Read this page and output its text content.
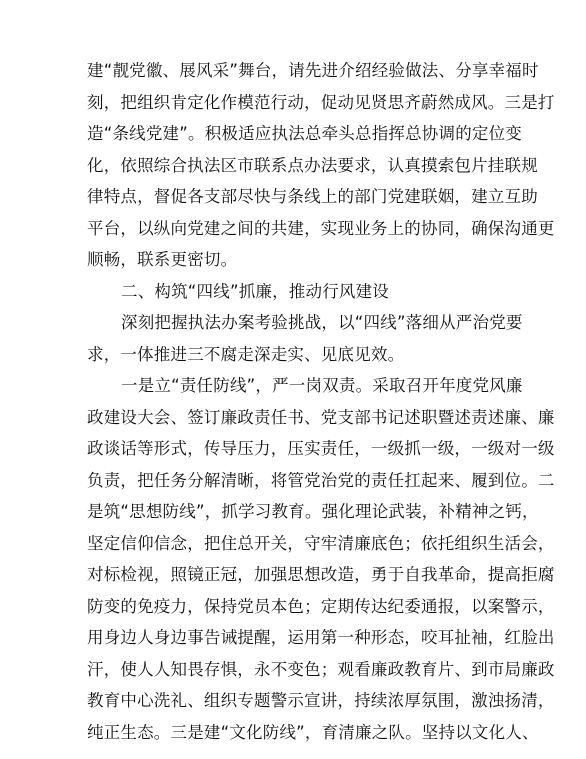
建“靓党徽、展风采”舞台，请先进介绍经验做法、分享幸福时
刻，把组织肯定化作模范行动，促动见贤思齐蔚然成风。三是打
造“条线党建”。积极适应执法总牵头总指挥总协调的定位变
化，依照综合执法区市联系点办法要求，认真摸索包片挂联规
律特点，督促各支部尽快与条线上的部门党建联姻，建立互助
平台，以纵向党建之间的共建，实现业务上的协同，确保沟通更
顺畅，联系更密切。
二、构筑“四线”抓廉，推动行风建设
深刻把握执法办案考验挑战，以“四线”落细从严治党要
求，一体推进三不腐走深走实、见底见效。
一是立“责任防线”，严一岗双责。采取召开年度党风廉
政建设大会、签订廉政责任书、党支部书记述职暨述责述廉、廉
政谈话等形式，传导压力，压实责任，一级抓一级，一级对一级
负责，把任务分解清晰，将管党治党的责任扛起来、履到位。二
是筑“思想防线”，抓学习教育。强化理论武装，补精神之钙，
坚定信仰信念，把住总开关，守牢清廉底色；依托组织生活会，
对标检视，照镜正冠，加强思想改造，勇于自我革命，提高拒腐
防变的免疫力，保持党员本色；定期传达纪委通报，以案警示，
用身边人身边事告诫提醒，运用第一种形态，咬耳扯袖，红脸出
汗，使人人知畏存惧，永不变色；观看廉政教育片、到市局廉政
教育中心洗礼、组织专题警示宣讲，持续浓厚氛围，激浊扬清，
纯正生态。三是建“文化防线”，育清廉之队。坚持以文化人、
